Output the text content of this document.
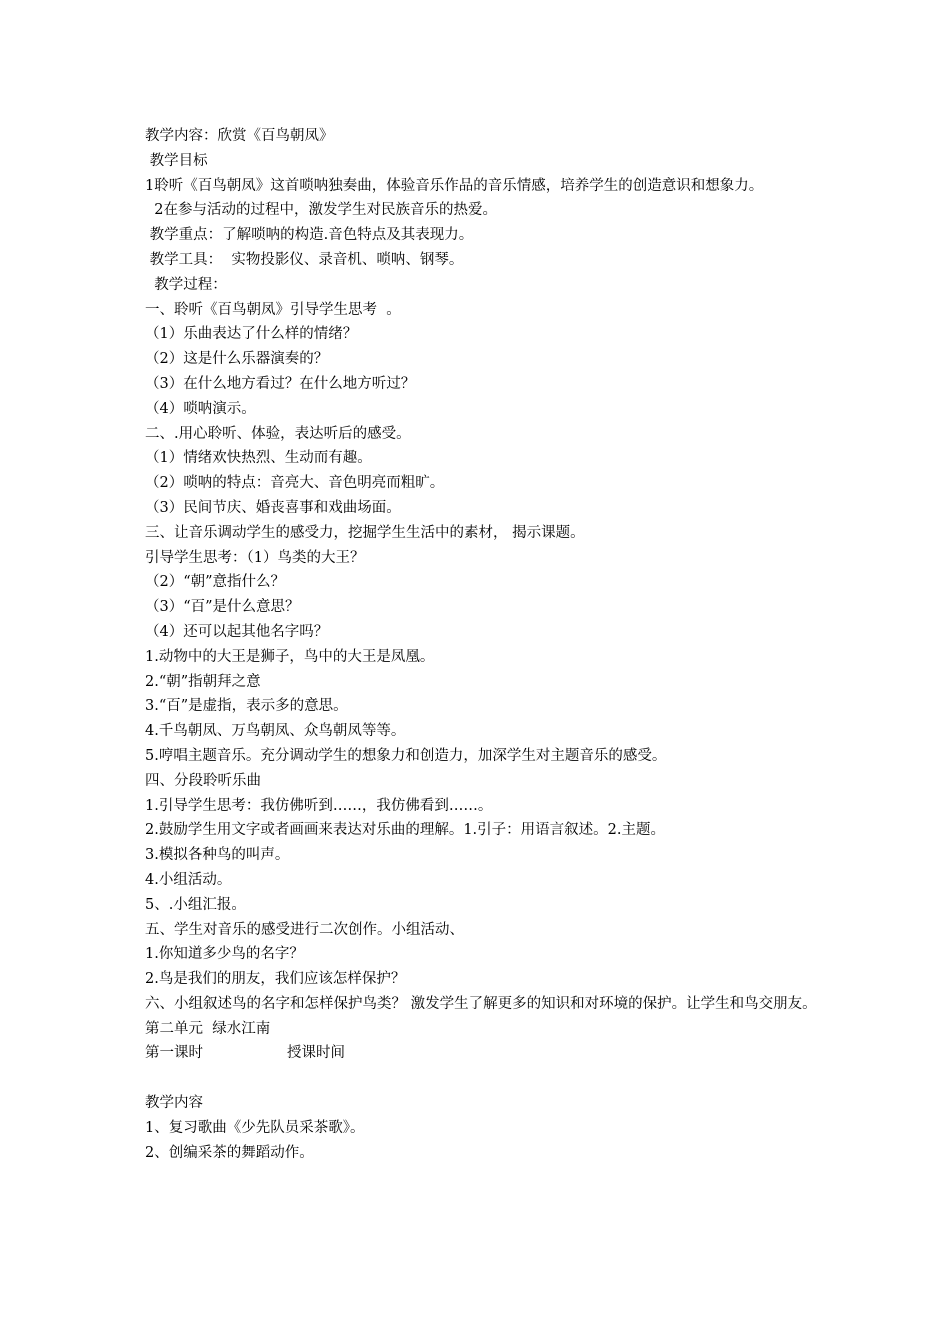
教学内容：欣赏《百鸟朝凤》
教学目标
1聆听《百鸟朝凤》这首唢呐独奏曲，体验音乐作品的音乐情感，培养学生的创造意识和想象力。
2在参与活动的过程中，激发学生对民族音乐的热爱。
教学重点：了解唢呐的构造.音色特点及其表现力。
教学工具：  实物投影仪、录音机、唢呐、钢琴。
教学过程：
一、聆听《百鸟朝凤》引导学生思考  。
（1）乐曲表达了什么样的情绪？
（2）这是什么乐器演奏的？
（3）在什么地方看过？在什么地方听过？
（4）唢呐演示。
二、.用心聆听、体验，表达听后的感受。
（1）情绪欢快热烈、生动而有趣。
（2）唢呐的特点：音亮大、音色明亮而粗旷。
（3）民间节庆、婚丧喜事和戏曲场面。
三、让音乐调动学生的感受力，挖掘学生生活中的素材， 揭示课题。
引导学生思考：（1）鸟类的大王？
（2）“朝”意指什么？
（3）“百”是什么意思？
（4）还可以起其他名字吗？
1.动物中的大王是狮子，鸟中的大王是凤凰。
2.“朝”指朝拜之意
3.“百”是虚指，表示多的意思。
4.千鸟朝凤、万鸟朝凤、众鸟朝凤等等。
5.哼唱主题音乐。充分调动学生的想象力和创造力，加深学生对主题音乐的感受。
四、分段聆听乐曲
1.引导学生思考：我仿佛听到……，我仿佛看到……。
2.鼓励学生用文字或者画画来表达对乐曲的理解。1.引子：用语言叙述。2.主题。
3.模拟各种鸟的叫声。
4.小组活动。
5、.小组汇报。
五、学生对音乐的感受进行二次创作。小组活动、
1.你知道多少鸟的名字？
2.鸟是我们的朋友，我们应该怎样保护？
六、小组叙述鸟的名字和怎样保护鸟类？ 激发学生了解更多的知识和对环境的保护。让学生和鸟交朋友。
第二单元  绿水江南
第一课时	授课时间
教学内容
1、复习歌曲《少先队员采茶歌》。
2、创编采茶的舞蹈动作。
